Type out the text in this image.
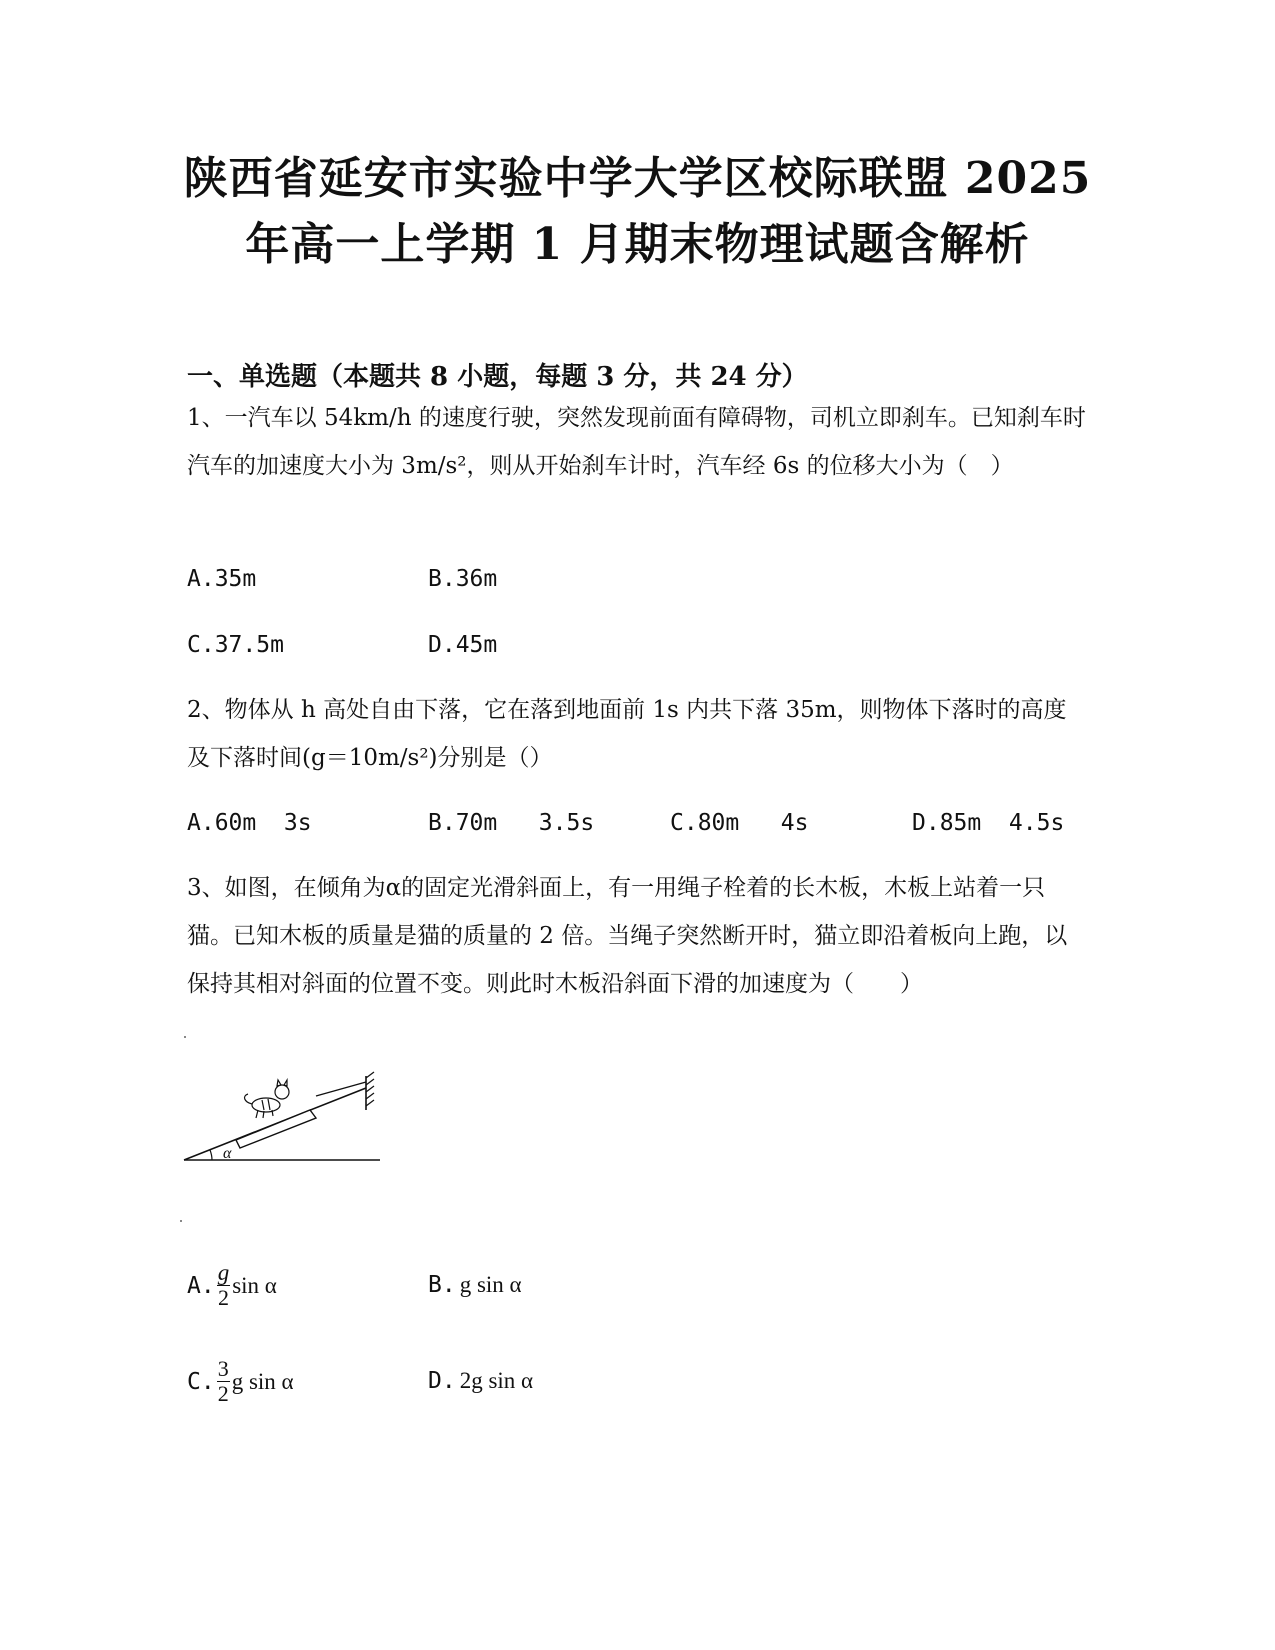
陕西省延安市实验中学大学区校际联盟 2025
年高一上学期 1 月期末物理试题含解析
一、单选题（本题共 8 小题，每题 3 分，共 24 分）
1、一汽车以 54km/h 的速度行驶，突然发现前面有障碍物，司机立即刹车。已知刹车时汽车的加速度大小为 3m/s²，则从开始刹车计时，汽车经 6s 的位移大小为（　）
A.35m	B.36m
C.37.5m	D.45m
2、物体从 h 高处自由下落，它在落到地面前 1s 内共下落 35m，则物体下落时的高度及下落时间(g＝10m/s²)分别是（）
A.60m  3s	B.70m   3.5s	C.80m   4s	D.85m  4.5s
3、如图，在倾角为α的固定光滑斜面上，有一用绳子栓着的长木板，木板上站着一只猫。已知木板的质量是猫的质量的 2 倍。当绳子突然断开时，猫立即沿着板向上跑，以保持其相对斜面的位置不变。则此时木板沿斜面下滑的加速度为（　　）
α
A. $\frac{g}{2}$ sin α	B. g sin α
C. $\frac{3}{2}$ g sin α	D. 2g sin α
